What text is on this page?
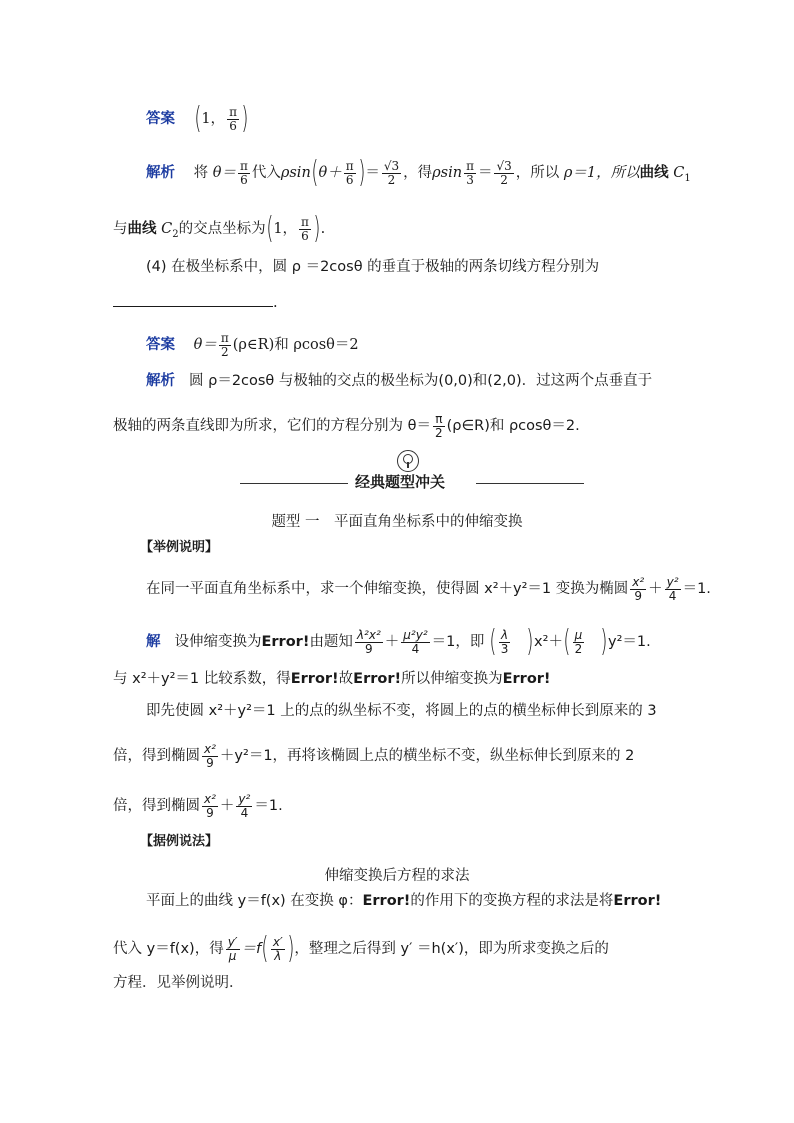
答案 (1， $\frac{\pi}{6}$ )
解析 将 $\theta= \frac{\pi}{6}$ 代入$\rho\sin(\theta+ \frac{\pi}{6}$ )＝ $\frac{√3}{2}$ ，得ρsin $\frac{\pi}{3} = \frac{√3}{2}$ ，所以 ρ＝1，所以曲线 $C_1$
与曲线 $C_2$的交点坐标为(1， $\frac{\pi}{6}$ ).
(4) 在极坐标系中，圆 ρ ＝2cosθ 的垂直于极轴的两条切线方程分别为
.
答案 $\theta= \frac{\pi}{2}$ (ρ∈R)和 ρcosθ＝2
解析 圆 ρ＝2cosθ 与极轴的交点的极坐标为(0,0)和(2,0)．过这两个点垂直于
极轴的两条直线即为所求，它们的方程分别为 $\theta= \frac{\pi}{2}$ (ρ∈R)和 ρcosθ＝2.
经典题型冲关
题型 一　平面直角坐标系中的伸缩变换
【举例说明】
在同一平面直角坐标系中，求一个伸缩变换，使得圆 x²＋y²＝1 变换为椭圆 $\frac{\text{x²}}{9} + \frac{\text{y²}}{4} =1$.
解 设伸缩变换为Error!由题知 $\frac{\text{λ²x²}}{9} + \frac{\text{μ²y²}}{4} =1$，即 ( $\frac{\lambda}{3} )x^2+( \frac{\mu}{2} )y^2=1$.
与 x²＋y²＝1 比较系数，得Error!故Error!所以伸缩变换为Error!
即先使圆 x²＋y²＝1 上的点的纵坐标不变，将圆上的点的横坐标伸长到原来的 3
倍，得到椭圆 $\frac{\text{x²}}{9} +y^2=1$，再将该椭圆上点的横坐标不变，纵坐标伸长到原来的 2
倍，得到椭圆 $\frac{\text{x²}}{9} + \frac{\text{y²}}{4} =1$.
【据例说法】
伸缩变换后方程的求法
平面上的曲线 y＝f(x) 在变换 φ：Error!的作用下的变换方程的求法是将Error!
代入 y＝f(x)，得 $\frac{y'}{\mu} =f( \frac{x'}{\lambda}$ )，整理之后得到 y′ ＝h(x′)，即为所求变换之后的
方程．见举例说明．
